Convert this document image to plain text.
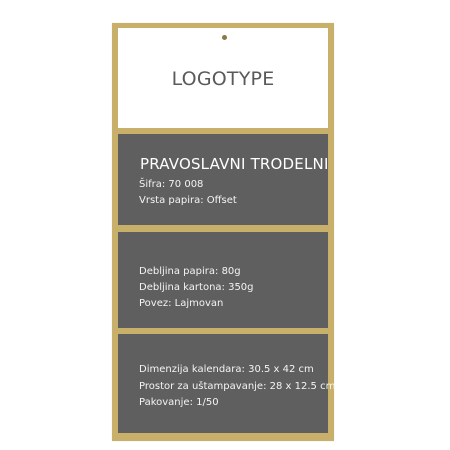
LOGOTYPE
PRAVOSLAVNI TRODELNI
Šifra: 70 008
Vrsta papira: Offset
Debljina papira: 80g
Debljina kartona: 350g
Povez: Lajmovan
Dimenzija kalendara: 30.5 x 42 cm
Prostor za uštampavanje: 28 x 12.5 cm
Pakovanje: 1/50
